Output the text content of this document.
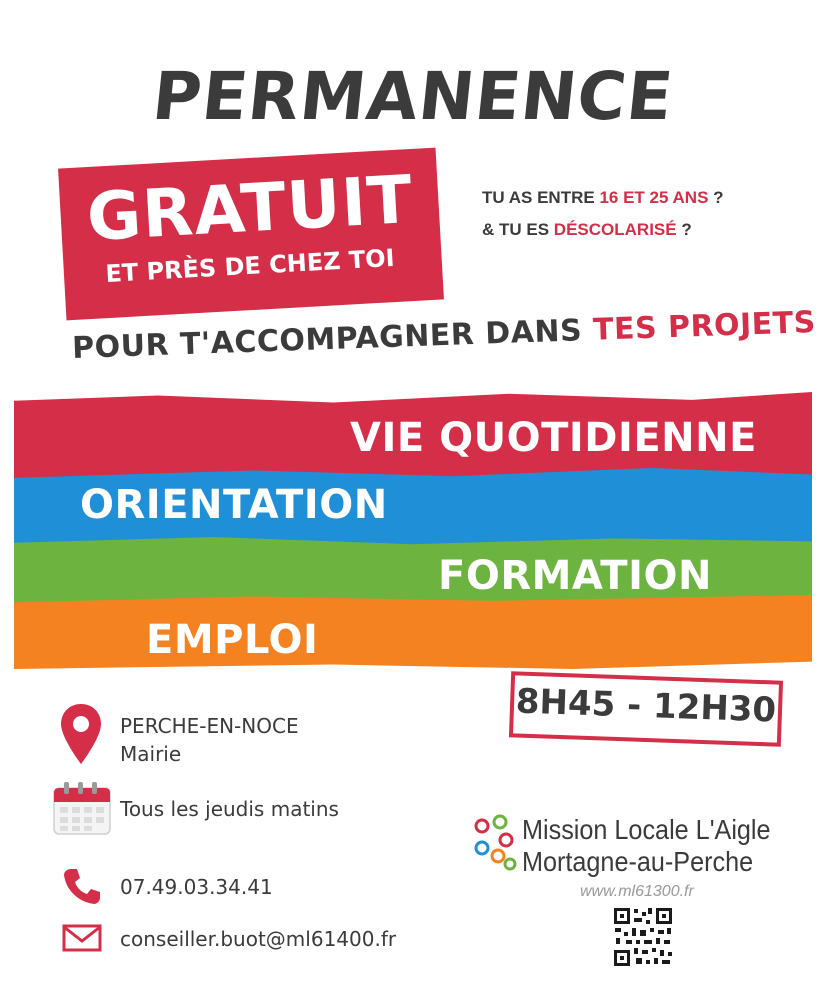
PERMANENCE
GRATUIT
ET PRÈS DE CHEZ TOI
TU AS ENTRE 16 ET 25 ANS ?
& TU ES DÉSCOLARISÉ ?
POUR T'ACCOMPAGNER DANS TES PROJETS
VIE QUOTIDIENNE
ORIENTATION
FORMATION
EMPLOI
8H45 - 12H30
PERCHE-EN-NOCE
Mairie
Tous les jeudis matins
07.49.03.34.41
conseiller.buot@ml61400.fr
Mission Locale L'Aigle
Mortagne-au-Perche
www.ml61300.fr
